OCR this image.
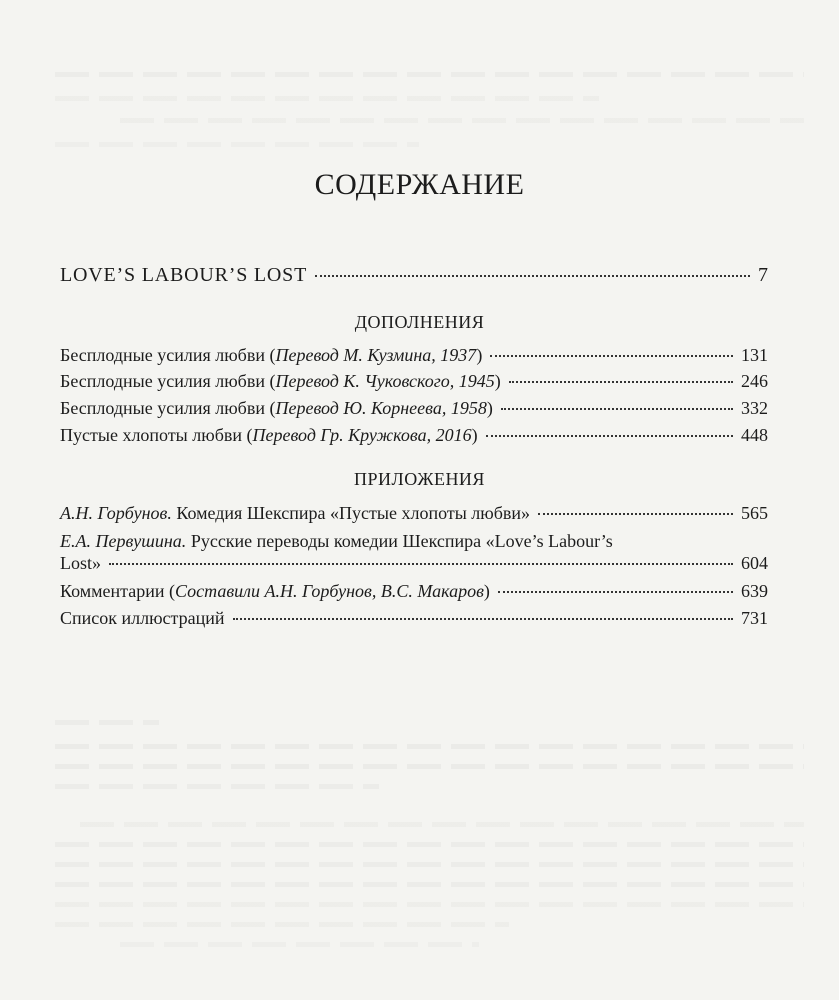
СОДЕРЖАНИЕ
LOVE’S LABOUR’S LOST	7
ДОПОЛНЕНИЯ
Бесплодные усилия любви (Перевод М. Кузмина, 1937)	131
Бесплодные усилия любви (Перевод К. Чуковского, 1945)	246
Бесплодные усилия любви (Перевод Ю. Корнеева, 1958)	332
Пустые хлопоты любви (Перевод Гр. Кружкова, 2016)	448
ПРИЛОЖЕНИЯ
А.Н. Горбунов. Комедия Шекспира «Пустые хлопоты любви»	565
Е.А. Первушина. Русские переводы комедии Шекспира «Love’s Labour’s
Lost»	604
Комментарии (Составили А.Н. Горбунов, В.С. Макаров)	639
Список иллюстраций	731
